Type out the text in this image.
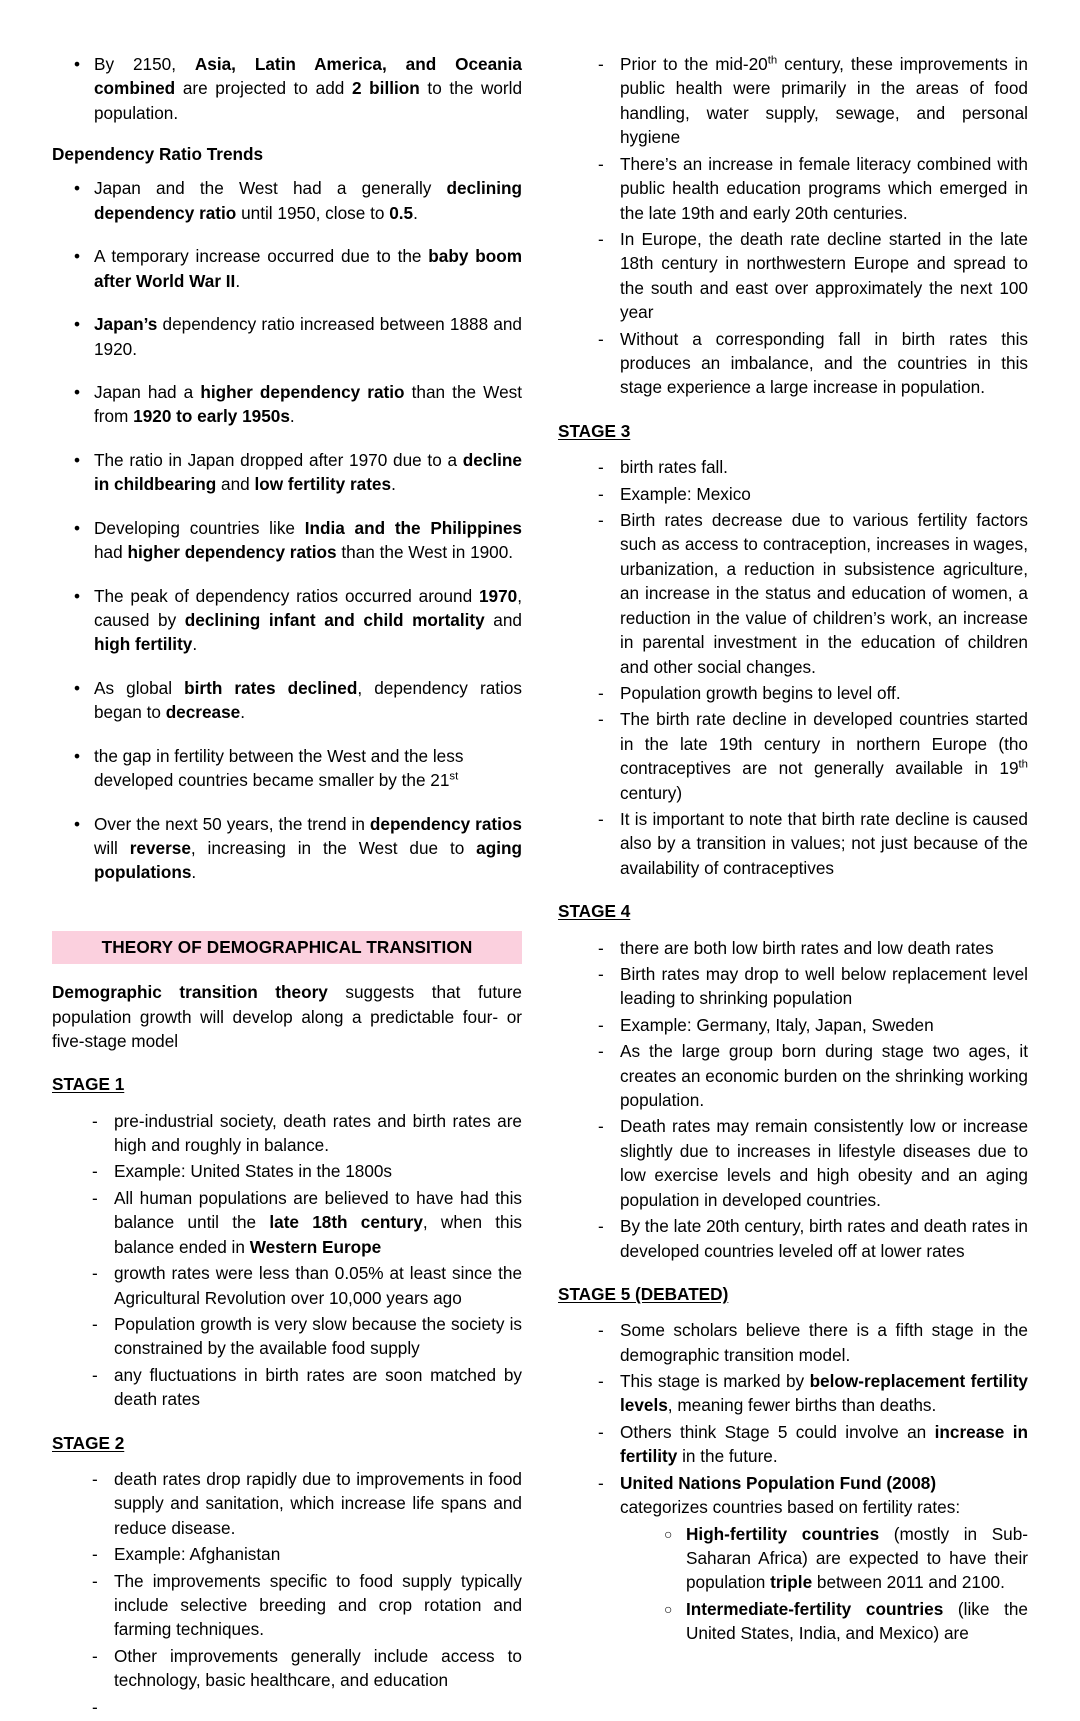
• By 2150, Asia, Latin America, and Oceania combined are projected to add 2 billion to the world population.
Dependency Ratio Trends
• Japan and the West had a generally declining dependency ratio until 1950, close to 0.5.
• A temporary increase occurred due to the baby boom after World War II.
• Japan’s dependency ratio increased between 1888 and 1920.
• Japan had a higher dependency ratio than the West from 1920 to early 1950s.
• The ratio in Japan dropped after 1970 due to a decline in childbearing and low fertility rates.
• Developing countries like India and the Philippines had higher dependency ratios than the West in 1900.
• The peak of dependency ratios occurred around 1970, caused by declining infant and child mortality and high fertility.
• As global birth rates declined, dependency ratios began to decrease.
• the gap in fertility between the West and the less developed countries became smaller by the 21st
• Over the next 50 years, the trend in dependency ratios will reverse, increasing in the West due to aging populations.
THEORY OF DEMOGRAPHICAL TRANSITION

Demographic transition theory suggests that future population growth will develop along a predictable four- or five-stage model

STAGE 1
- pre-industrial society, death rates and birth rates are high and roughly in balance.
- Example: United States in the 1800s
- All human populations are believed to have had this balance until the late 18th century, when this balance ended in Western Europe
- growth rates were less than 0.05% at least since the Agricultural Revolution over 10,000 years ago
- Population growth is very slow because the society is constrained by the available food supply
- any fluctuations in birth rates are soon matched by death rates
STAGE 2
- death rates drop rapidly due to improvements in food supply and sanitation, which increase life spans and reduce disease.
- Example: Afghanistan
- The improvements specific to food supply typically include selective breeding and crop rotation and farming techniques.
- Other improvements generally include access to technology, basic healthcare, and education
-
- Prior to the mid-20th century, these improvements in public health were primarily in the areas of food handling, water supply, sewage, and personal hygiene
- There’s an increase in female literacy combined with public health education programs which emerged in the late 19th and early 20th centuries.
- In Europe, the death rate decline started in the late 18th century in northwestern Europe and spread to the south and east over approximately the next 100 year
- Without a corresponding fall in birth rates this produces an imbalance, and the countries in this stage experience a large increase in population.
STAGE 3
- birth rates fall.
- Example: Mexico
- Birth rates decrease due to various fertility factors such as access to contraception, increases in wages, urbanization, a reduction in subsistence agriculture, an increase in the status and education of women, a reduction in the value of children’s work, an increase in parental investment in the education of children and other social changes.
- Population growth begins to level off.
- The birth rate decline in developed countries started in the late 19th century in northern Europe (tho contraceptives are not generally available in 19th century)
- It is important to note that birth rate decline is caused also by a transition in values; not just because of the availability of contraceptives
STAGE 4
- there are both low birth rates and low death rates
- Birth rates may drop to well below replacement level leading to shrinking population
- Example: Germany, Italy, Japan, Sweden
- As the large group born during stage two ages, it creates an economic burden on the shrinking working population.
- Death rates may remain consistently low or increase slightly due to increases in lifestyle diseases due to low exercise levels and high obesity and an aging population in developed countries.
- By the late 20th century, birth rates and death rates in developed countries leveled off at lower rates
STAGE 5 (DEBATED)
- Some scholars believe there is a fifth stage in the demographic transition model.
- This stage is marked by below-replacement fertility levels, meaning fewer births than deaths.
- Others think Stage 5 could involve an increase in fertility in the future.
- United Nations Population Fund (2008) categorizes countries based on fertility rates:
○ High-fertility countries (mostly in Sub-Saharan Africa) are expected to have their population triple between 2011 and 2100.
○ Intermediate-fertility countries (like the United States, India, and Mexico) are
